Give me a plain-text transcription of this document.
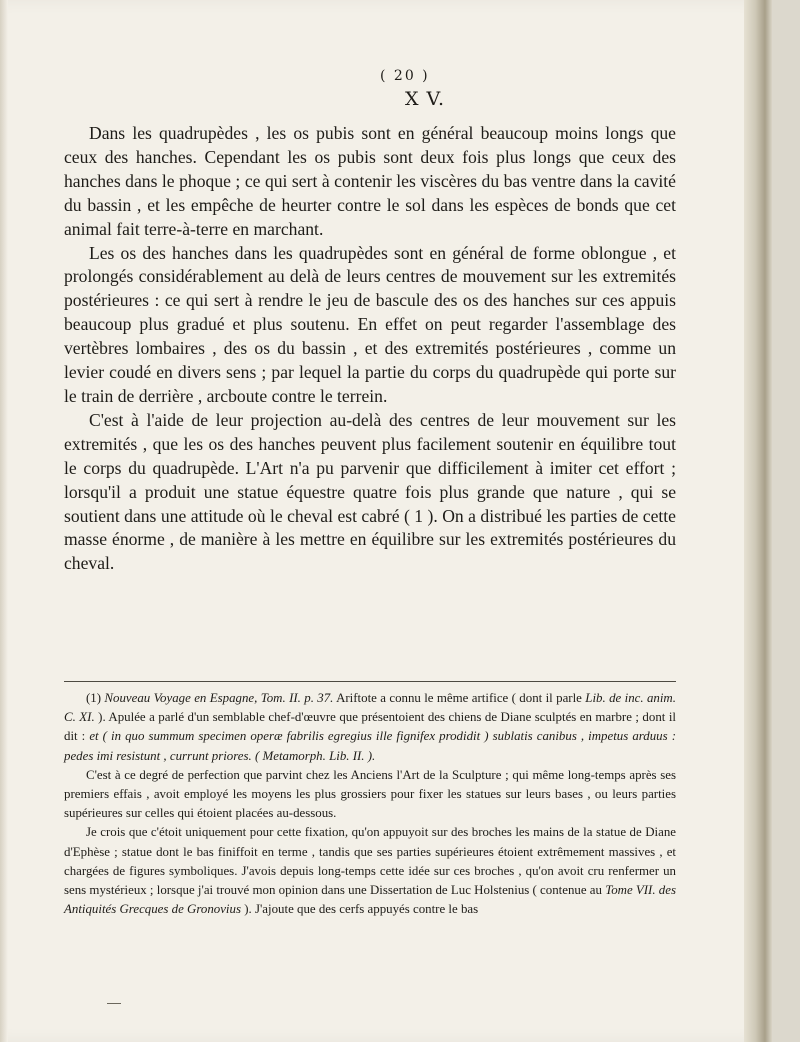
( 20 )
X V.

Dans les quadrupèdes , les os pubis sont en général beaucoup moins longs que ceux des hanches. Cependant les os pubis sont deux fois plus longs que ceux des hanches dans le phoque ; ce qui sert à contenir les viscères du bas ventre dans la cavité du bassin , et les empêche de heurter contre le sol dans les espèces de bonds que cet animal fait terre-à-terre en marchant.

Les os des hanches dans les quadrupèdes sont en général de forme oblongue , et prolongés considérablement au delà de leurs centres de mouvement sur les extremités postérieures : ce qui sert à rendre le jeu de bascule des os des hanches sur ces appuis beaucoup plus gradué et plus soutenu. En effet on peut regarder l'assemblage des vertèbres lombaires , des os du bassin , et des extremités postérieures , comme un levier coudé en divers sens ; par lequel la partie du corps du quadrupède qui porte sur le train de derrière , arcboute contre le terrein.

C'est à l'aide de leur projection au-delà des centres de leur mouvement sur les extremités , que les os des hanches peuvent plus facilement soutenir en équilibre tout le corps du quadrupède. L'Art n'a pu parvenir que difficilement à imiter cet effort ; lorsqu'il a produit une statue équestre quatre fois plus grande que nature , qui se soutient dans une attitude où le cheval est cabré ( 1 ). On a distribué les parties de cette masse énorme , de manière à les mettre en équilibre sur les extremités postérieures du cheval.

(1) Nouveau Voyage en Espagne, Tom. II. p. 37. Ariftote a connu le même artifice ( dont il parle Lib. de inc. anim. C. XI. ). Apulée a parlé d'un semblable chef-d'œuvre que présentoient des chiens de Diane sculptés en marbre ; dont il dit : et ( in quo summum specimen operæ fabrilis egregius ille fignifex prodidit ) sublatis canibus , impetus arduus : pedes imi resistunt , currunt priores. ( Metamorph. Lib. II. ).

C'est à ce degré de perfection que parvint chez les Anciens l'Art de la Sculpture ; qui même long-temps après ses premiers effais , avoit employé les moyens les plus grossiers pour fixer les statues sur leurs bases , ou leurs parties supérieures sur celles qui étoient placées au-dessous.

Je crois que c'étoit uniquement pour cette fixation, qu'on appuyoit sur des broches les mains de la statue de Diane d'Ephèse ; statue dont le bas finiffoit en terme , tandis que ses parties supérieures étoient extrêmement massives , et chargées de figures symboliques. J'avois depuis long-temps cette idée sur ces broches , qu'on avoit cru renfermer un sens mystérieux ; lorsque j'ai trouvé mon opinion dans une Dissertation de Luc Holstenius ( contenue au Tome VII. des Antiquités Grecques de Gronovius ). J'ajoute que des cerfs appuyés contre le bas
